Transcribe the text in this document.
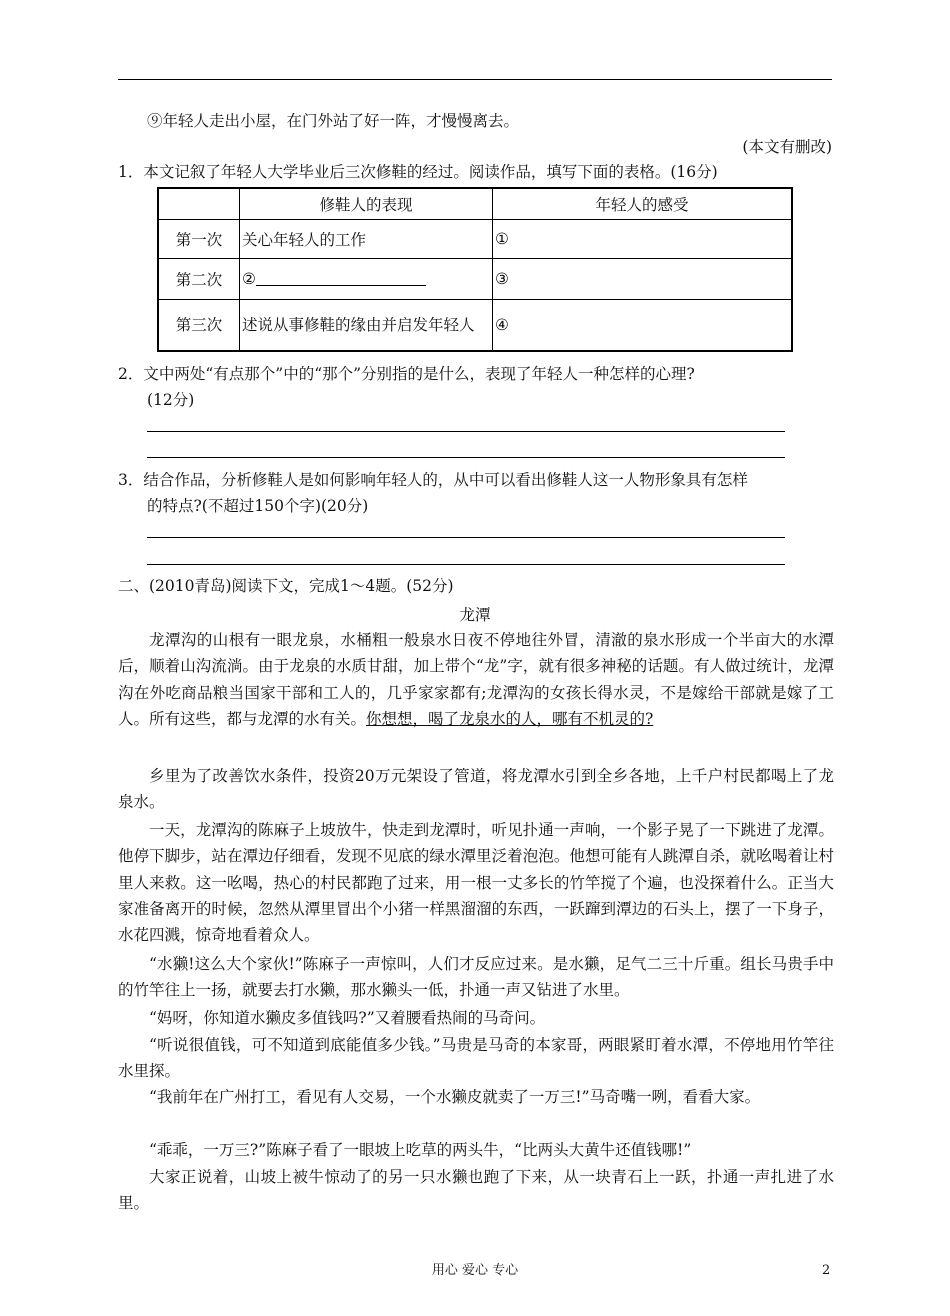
⑨年轻人走出小屋，在门外站了好一阵，才慢慢离去。
(本文有删改)
1．本文记叙了年轻人大学毕业后三次修鞋的经过。阅读作品，填写下面的表格。(16分)
	修鞋人的表现	年轻人的感受
第一次	关心年轻人的工作	①
第二次	②	③
第三次	述说从事修鞋的缘由并启发年轻人	④
2．文中两处“有点那个”中的“那个”分别指的是什么，表现了年轻人一种怎样的心理?
(12分)
3．结合作品，分析修鞋人是如何影响年轻人的，从中可以看出修鞋人这一人物形象具有怎样
的特点?(不超过150个字)(20分)
二、(2010青岛)阅读下文，完成1～4题。(52分)
龙潭
龙潭沟的山根有一眼龙泉，水桶粗一般泉水日夜不停地往外冒，清澈的泉水形成一个半亩大的水潭后，顺着山沟流淌。由于龙泉的水质甘甜，加上带个“龙”字，就有很多神秘的话题。有人做过统计，龙潭沟在外吃商品粮当国家干部和工人的，几乎家家都有;龙潭沟的女孩长得水灵，不是嫁给干部就是嫁了工人。所有这些，都与龙潭的水有关。你想想，喝了龙泉水的人，哪有不机灵的?
乡里为了改善饮水条件，投资20万元架设了管道，将龙潭水引到全乡各地，上千户村民都喝上了龙泉水。
一天，龙潭沟的陈麻子上坡放牛，快走到龙潭时，听见扑通一声响，一个影子晃了一下跳进了龙潭。他停下脚步，站在潭边仔细看，发现不见底的绿水潭里泛着泡泡。他想可能有人跳潭自杀，就吆喝着让村里人来救。这一吆喝，热心的村民都跑了过来，用一根一丈多长的竹竿搅了个遍，也没探着什么。正当大家准备离开的时候，忽然从潭里冒出个小猪一样黑溜溜的东西，一跃蹿到潭边的石头上，摆了一下身子，水花四溅，惊奇地看着众人。
“水獭!这么大个家伙!”陈麻子一声惊叫，人们才反应过来。是水獭，足气二三十斤重。组长马贵手中的竹竿往上一扬，就要去打水獭，那水獭头一低，扑通一声又钻进了水里。
“妈呀，你知道水獭皮多值钱吗?”又着腰看热闹的马奇问。
“听说很值钱，可不知道到底能值多少钱。”马贵是马奇的本家哥，两眼紧盯着水潭，不停地用竹竿往水里探。
“我前年在广州打工，看见有人交易，一个水獭皮就卖了一万三!”马奇嘴一咧，看看大家。
“乖乖，一万三?”陈麻子看了一眼坡上吃草的两头牛，“比两头大黄牛还值钱哪!”
大家正说着，山坡上被牛惊动了的另一只水獭也跑了下来，从一块青石上一跃，扑通一声扎进了水里。
用心 爱心 专心	2
